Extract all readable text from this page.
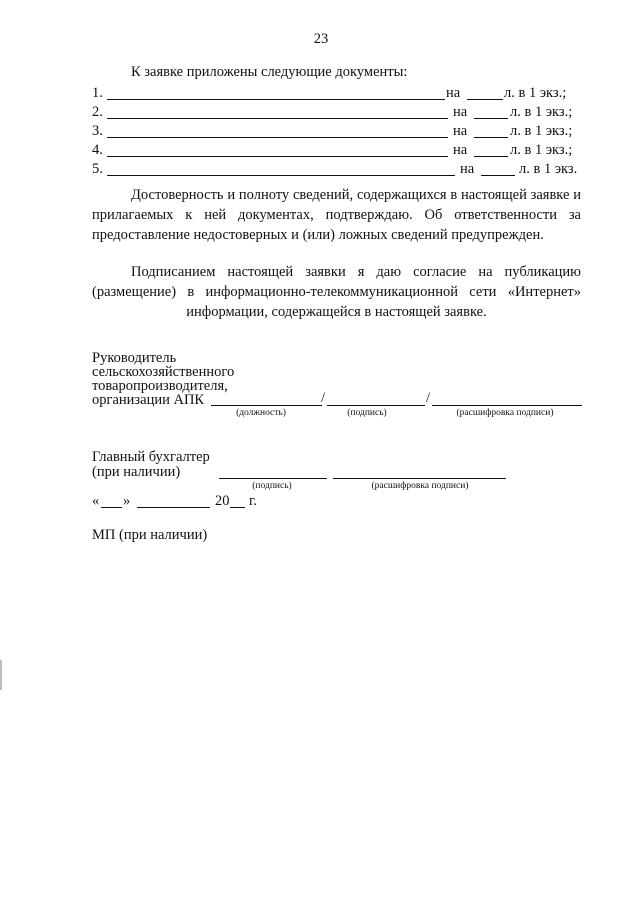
23
К заявке приложены следующие документы:
1.	на	л. в 1 экз.;
2.	на	л. в 1 экз.;
3.	на	л. в 1 экз.;
4.	на	л. в 1 экз.;
5.	на	л. в 1 экз.
Достоверность и полноту сведений, содержащихся в настоящей заявке и прилагаемых к ней документах, подтверждаю. Об ответственности за предоставление недостоверных и (или) ложных сведений предупрежден.
Подписанием настоящей заявки я даю согласие на публикацию (размещение) в информационно-телекоммуникационной сети «Интернет» информации, содержащейся в настоящей заявке.
Руководитель
сельскохозяйственного
товаропроизводителя,
организации АПК	/	/
(должность)	(подпись)	(расшифровка подписи)
Главный бухгалтер
(при наличии)
(подпись)	(расшифровка подписи)
« »	20 г.
МП (при наличии)
